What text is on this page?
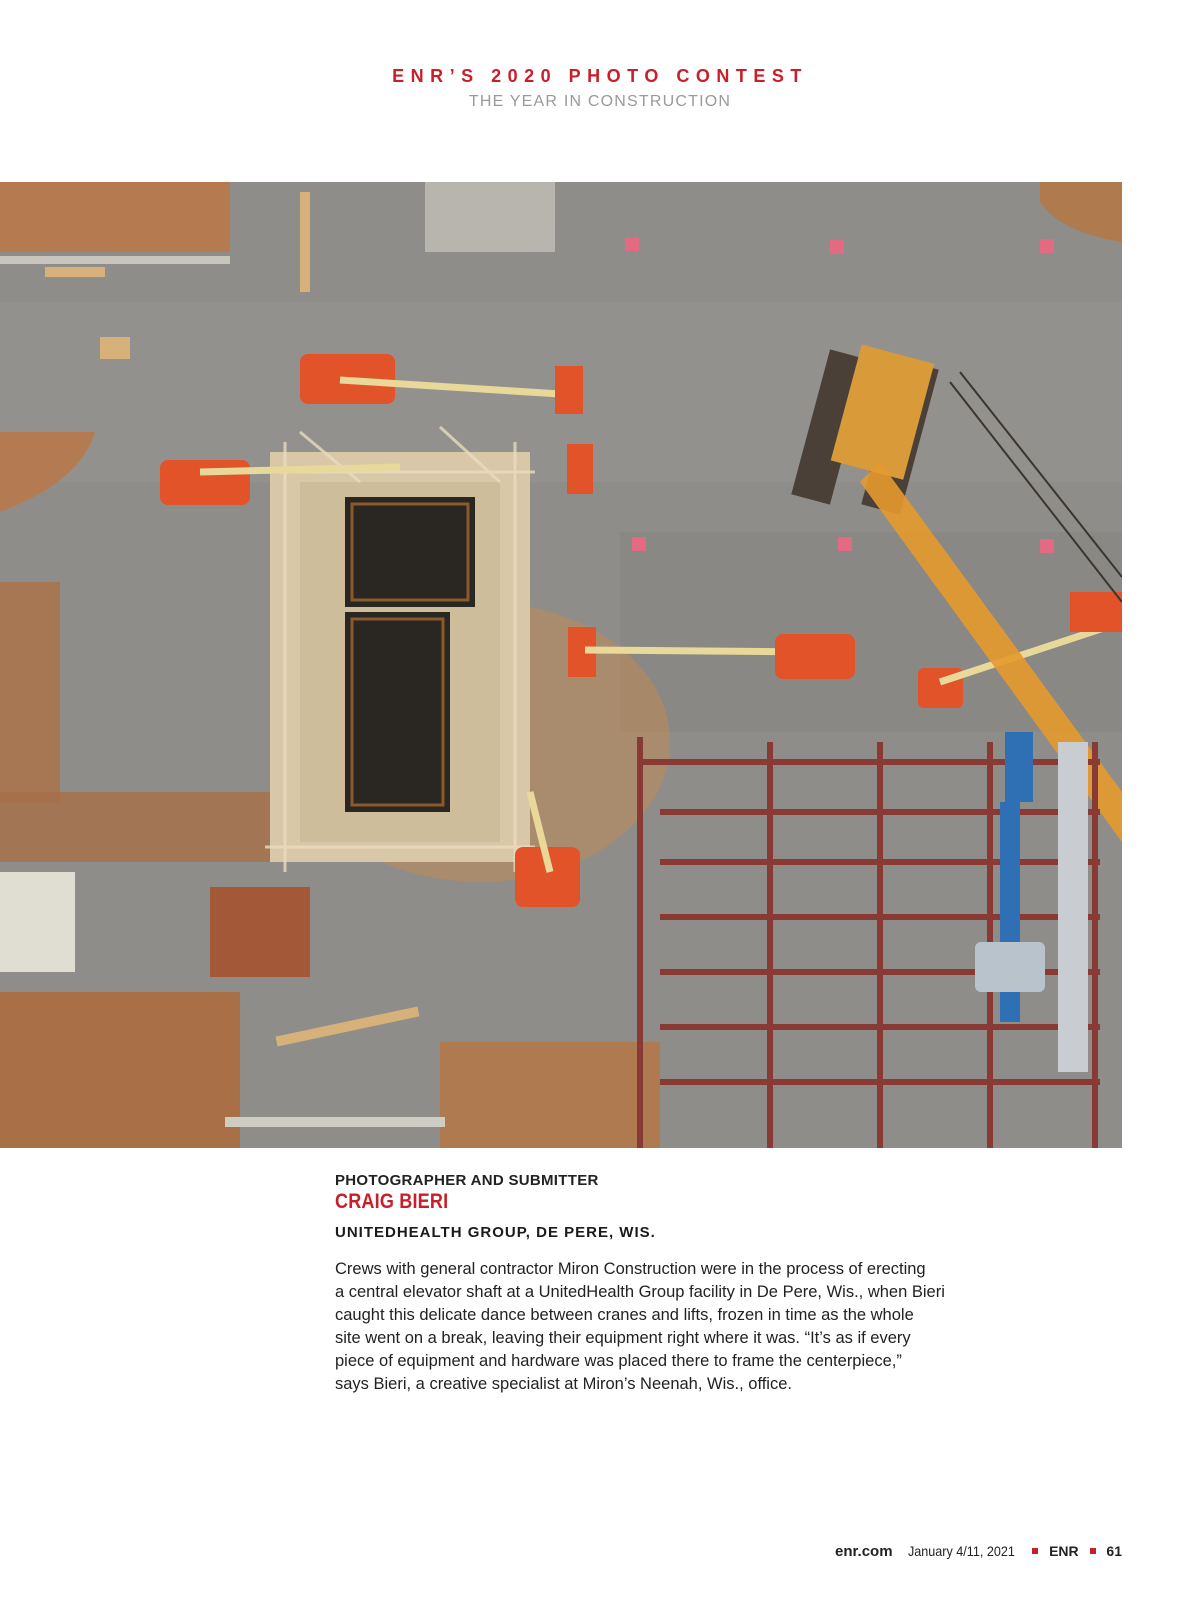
ENR’S 2020 PHOTO CONTEST
THE YEAR IN CONSTRUCTION
PHOTOGRAPHER AND SUBMITTER
CRAIG BIERI
UNITEDHEALTH GROUP, DE PERE, WIS.
Crews with general contractor Miron Construction were in the process of erecting
a central elevator shaft at a UnitedHealth Group facility in De Pere, Wis., when Bieri
caught this delicate dance between cranes and lifts, frozen in time as the whole
site went on a break, leaving their equipment right where it was. “It’s as if every
piece of equipment and hardware was placed there to frame the centerpiece,”
says Bieri, a creative specialist at Miron’s Neenah, Wis., office.
enr.com January 4/11, 2021 ENR 61
